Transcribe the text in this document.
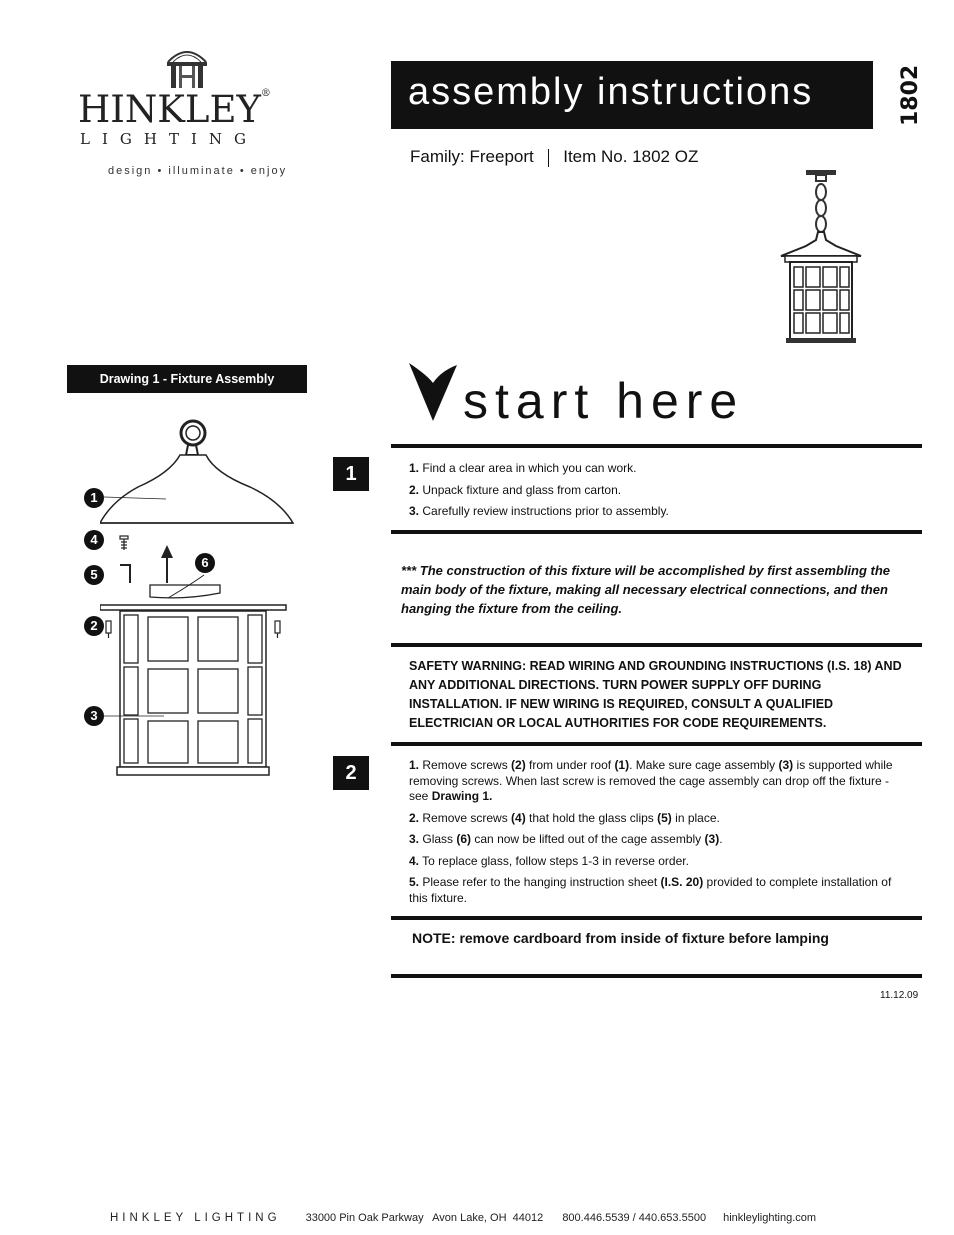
HINKLEY®
LIGHTING
design • illuminate • enjoy
assembly instructions	1802
Family: Freeport Item No. 1802 OZ
Drawing 1 - Fixture Assembly
1
4
5
6
2
3
start here
1	1. Find a clear area in which you can work.
2. Unpack fixture and glass from carton.
3. Carefully review instructions prior to assembly.
*** The construction of this fixture will be accomplished by first assembling the main body of the fixture, making all necessary electrical connections, and then hanging the fixture from the ceiling.
SAFETY WARNING: READ WIRING AND GROUNDING INSTRUCTIONS (I.S. 18) AND ANY ADDITIONAL DIRECTIONS. TURN POWER SUPPLY OFF DURING INSTALLATION. IF NEW WIRING IS REQUIRED, CONSULT A QUALIFIED ELECTRICIAN OR LOCAL AUTHORITIES FOR CODE REQUIREMENTS.
2	1. Remove screws (2) from under roof (1). Make sure cage assembly (3) is supported while removing screws. When last screw is removed the cage assembly can drop off the fixture - see Drawing 1.
2. Remove screws (4) that hold the glass clips (5) in place.
3. Glass (6) can now be lifted out of the cage assembly (3).
4. To replace glass, follow steps 1-3 in reverse order.
5. Please refer to the hanging instruction sheet (I.S. 20) provided to complete installation of this fixture.
NOTE: remove cardboard from inside of fixture before lamping
11.12.09
HINKLEY LIGHTING 33000 Pin Oak Parkway   Avon Lake, OH  44012 800.446.5539 / 440.653.5500 hinkleylighting.com
